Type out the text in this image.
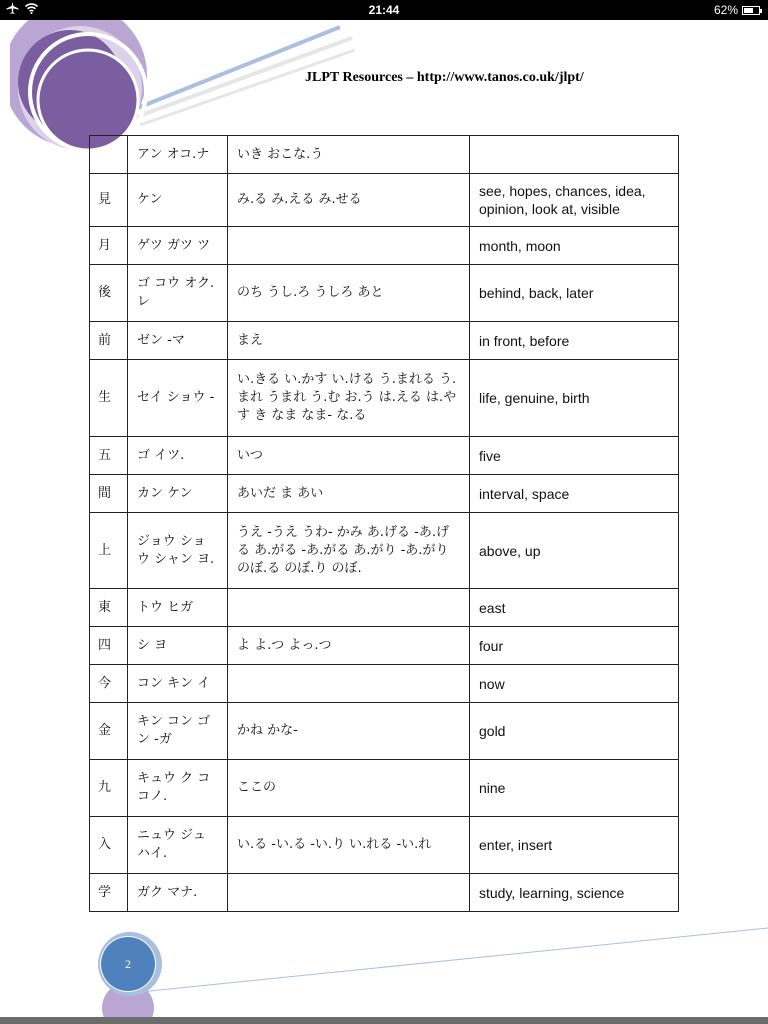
21:44	62%
JLPT Resources – http://www.tanos.co.uk/jlpt/
	アン オコ.ナ	いき おこな.う	
見	ケン	み.る み.える み.せる	see, hopes, chances, idea, opinion, look at, visible
月	ゲツ ガツ ツ		month, moon
後	ゴ コウ オク.レ	のち うし.ろ うしろ あと	behind, back, later
前	ゼン -マ	まえ	in front, before
生	セイ ショウ -	い.きる い.かす い.ける う.まれる う.まれ うまれ う.む お.う は.える は.やす き なま なま- な.る	life, genuine, birth
五	ゴ イツ.	いつ	five
間	カン ケン	あいだ ま あい	interval, space
上	ジョウ ショウ シャン ヨ.	うえ -うえ うわ- かみ あ.げる -あ.げる あ.がる -あ.がる あ.がり -あ.がり のぼ.る のぼ.り のぼ.	above, up
東	トウ ヒガ		east
四	シ ヨ	よ よ.つ よっ.つ	four
今	コン キン イ		now
金	キン コン ゴン -ガ	かね かな-	gold
九	キュウ ク ココノ.	ここの	nine
入	ニュウ ジュ ハイ.	い.る -い.る -い.り い.れる -い.れ	enter, insert
学	ガク マナ.		study, learning, science
2
